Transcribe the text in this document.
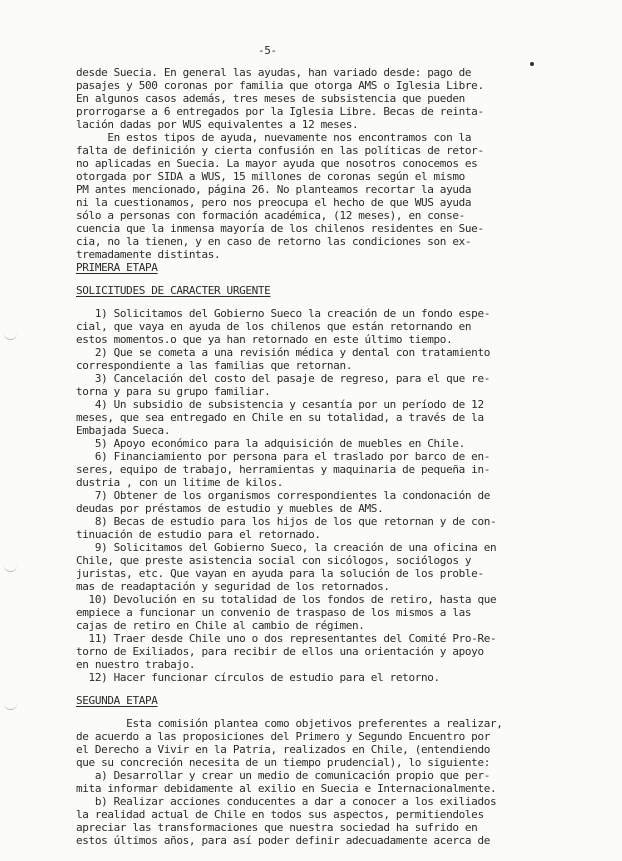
-5-
desde Suecia. En general las ayudas, han variado desde: pago de
pasajes y 500 coronas por familia que otorga AMS o Iglesia Libre.
En algunos casos además, tres meses de subsistencia que pueden
prorrogarse a 6 entregados por la Iglesia Libre. Becas de reinta-
lación dadas por WUS equivalentes a 12 meses.
En estos tipos de ayuda, nuevamente nos encontramos con la
falta de definición y cierta confusión en las políticas de retor-
no aplicadas en Suecia. La mayor ayuda que nosotros conocemos es
otorgada por SIDA a WUS, 15 millones de coronas según el mismo
PM antes mencionado, página 26. No planteamos recortar la ayuda
ni la cuestionamos, pero nos preocupa el hecho de que WUS ayuda
sólo a personas con formación académica, (12 meses), en conse-
cuencia que la inmensa mayoría de los chilenos residentes en Sue-
cia, no la tienen, y en caso de retorno las condiciones son ex-
tremadamente distintas.
PRIMERA ETAPA
SOLICITUDES DE CARACTER URGENTE
1) Solicitamos del Gobierno Sueco la creación de un fondo espe-
cial, que vaya en ayuda de los chilenos que están retornando en
estos momentos.o que ya han retornado en este último tiempo.
2) Que se cometa a una revisión médica y dental con tratamiento
correspondiente a las familias que retornan.
3) Cancelación del costo del pasaje de regreso, para el que re-
torna y para su grupo familiar.
4) Un subsidio de subsistencia y cesantía por un período de 12
meses, que sea entregado en Chile en su totalidad, a través de la
Embajada Sueca.
5) Apoyo económico para la adquisición de muebles en Chile.
6) Financiamiento por persona para el traslado por barco de en-
seres, equipo de trabajo, herramientas y maquinaria de pequeña in-
dustria , con un litime de kilos.
7) Obtener de los organismos correspondientes la condonación de
deudas por préstamos de estudio y muebles de AMS.
8) Becas de estudio para los hijos de los que retornan y de con-
tinuación de estudio para el retornado.
9) Solicitamos del Gobierno Sueco, la creación de una oficina en
Chile, que preste asistencia social con sicólogos, sociólogos y
juristas, etc. Que vayan en ayuda para la solución de los proble-
mas de readaptación y seguridad de los retornados.
10) Devolución en su totalidad de los fondos de retiro, hasta que
empiece a funcionar un convenio de traspaso de los mismos a las
cajas de retiro en Chile al cambio de régimen.
11) Traer desde Chile uno o dos representantes del Comité Pro-Re-
torno de Exiliados, para recibir de ellos una orientación y apoyo
en nuestro trabajo.
12) Hacer funcionar círculos de estudio para el retorno.
SEGUNDA ETAPA
Esta comisión plantea como objetivos preferentes a realizar,
de acuerdo a las proposiciones del Primero y Segundo Encuentro por
el Derecho a Vivir en la Patria, realizados en Chile, (entendiendo
que su concreción necesita de un tiempo prudencial), lo siguiente:
a) Desarrollar y crear un medio de comunicación propio que per-
mita informar debidamente al exilio en Suecia e Internacionalmente.
b) Realizar acciones conducentes a dar a conocer a los exiliados
la realidad actual de Chile en todos sus aspectos, permitiendoles
apreciar las transformaciones que nuestra sociedad ha sufrido en
estos últimos años, para así poder definir adecuadamente acerca de
